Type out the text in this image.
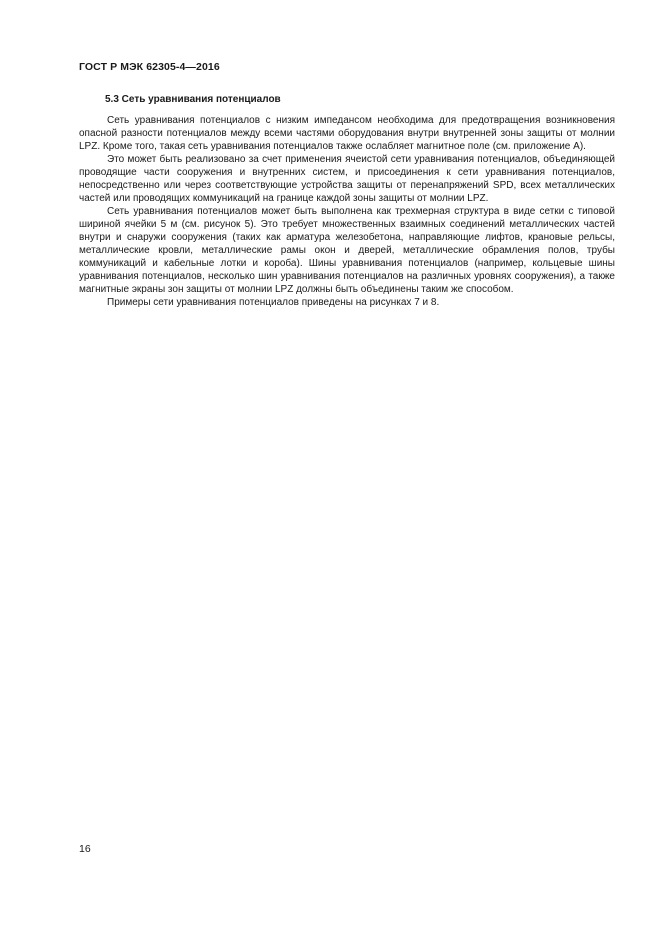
ГОСТ Р МЭК 62305-4—2016
5.3 Сеть уравнивания потенциалов

Сеть уравнивания потенциалов с низким импедансом необходима для предотвращения возникновения опасной разности потенциалов между всеми частями оборудования внутри внутренней зоны защиты от молнии LPZ. Кроме того, такая сеть уравнивания потенциалов также ослабляет магнитное поле (см. приложение А).

Это может быть реализовано за счет применения ячеистой сети уравнивания потенциалов, объединяющей проводящие части сооружения и внутренних систем, и присоединения к сети уравнивания потенциалов, непосредственно или через соответствующие устройства защиты от перенапряжений SPD, всех металлических частей или проводящих коммуникаций на границе каждой зоны защиты от молнии LPZ.

Сеть уравнивания потенциалов может быть выполнена как трехмерная структура в виде сетки с типовой шириной ячейки 5 м (см. рисунок 5). Это требует множественных взаимных соединений металлических частей внутри и снаружи сооружения (таких как арматура железобетона, направляющие лифтов, крановые рельсы, металлические кровли, металлические рамы окон и дверей, металлические обрамления полов, трубы коммуникаций и кабельные лотки и короба). Шины уравнивания потенциалов (например, кольцевые шины уравнивания потенциалов, несколько шин уравнивания потенциалов на различных уровнях сооружения), а также магнитные экраны зон защиты от молнии LPZ должны быть объединены таким же способом.

Примеры сети уравнивания потенциалов приведены на рисунках 7 и 8.

16
